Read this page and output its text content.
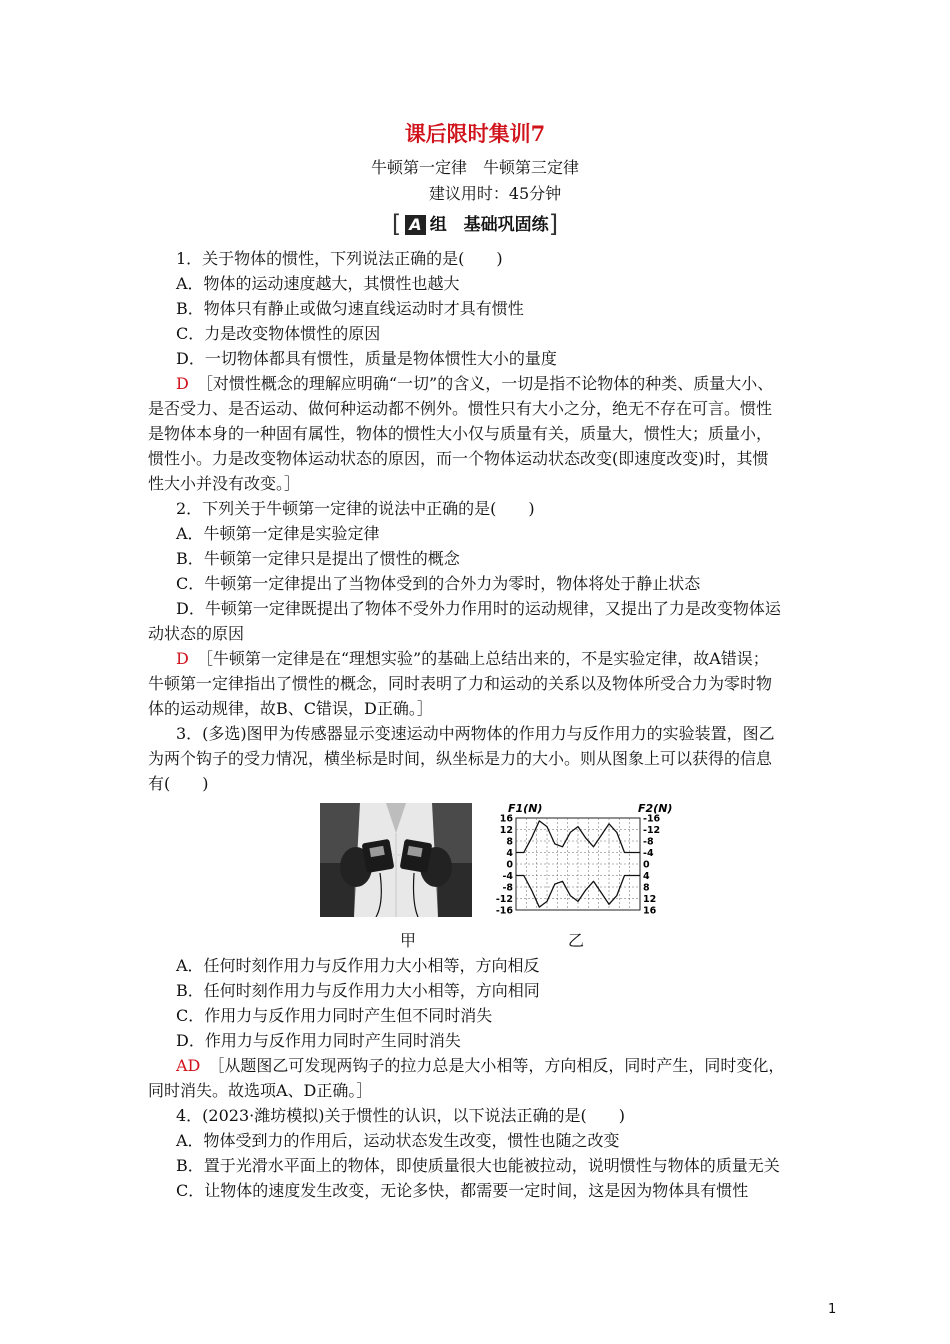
课后限时集训7
牛顿第一定律　牛顿第三定律
建议用时：45分钟
[ A 组　基础巩固练]
1．关于物体的惯性，下列说法正确的是(　　)
A．物体的运动速度越大，其惯性也越大
B．物体只有静止或做匀速直线运动时才具有惯性
C．力是改变物体惯性的原因
D．一切物体都具有惯性，质量是物体惯性大小的量度
D　 ［对惯性概念的理解应明确“一切”的含义，一切是指不论物体的种类、质量大小、
是否受力、是否运动、做何种运动都不例外。惯性只有大小之分，绝无不存在可言。惯性
是物体本身的一种固有属性，物体的惯性大小仅与质量有关，质量大，惯性大；质量小，
惯性小。力是改变物体运动状态的原因，而一个物体运动状态改变(即速度改变)时，其惯
性大小并没有改变。］
2．下列关于牛顿第一定律的说法中正确的是(　　)
A．牛顿第一定律是实验定律
B．牛顿第一定律只是提出了惯性的概念
C．牛顿第一定律提出了当物体受到的合外力为零时，物体将处于静止状态
D．牛顿第一定律既提出了物体不受外力作用时的运动规律，又提出了力是改变物体运
动状态的原因
D　 ［牛顿第一定律是在“理想实验”的基础上总结出来的，不是实验定律，故A错误；
牛顿第一定律指出了惯性的概念，同时表明了力和运动的关系以及物体所受合力为零时物
体的运动规律，故B、C错误，D正确。］
3．(多选)图甲为传感器显示变速运动中两物体的作用力与反作用力的实验装置，图乙
为两个钩子的受力情况，横坐标是时间，纵坐标是力的大小。则从图象上可以获得的信息
有(　　)
F1(N)	F2(N)
16
12
8
4
0
-4
-8
-12
-16
-16
-12
-8
-4
0
4
8
12
16
甲	乙
A．任何时刻作用力与反作用力大小相等，方向相反
B．任何时刻作用力与反作用力大小相等，方向相同
C．作用力与反作用力同时产生但不同时消失
D．作用力与反作用力同时产生同时消失
AD　 ［从题图乙可发现两钩子的拉力总是大小相等，方向相反，同时产生，同时变化，
同时消失。故选项A、D正确。］
4．(2023·潍坊模拟)关于惯性的认识，以下说法正确的是(　　)
A．物体受到力的作用后，运动状态发生改变，惯性也随之改变
B．置于光滑水平面上的物体，即使质量很大也能被拉动，说明惯性与物体的质量无关
C．让物体的速度发生改变，无论多快，都需要一定时间，这是因为物体具有惯性
1
